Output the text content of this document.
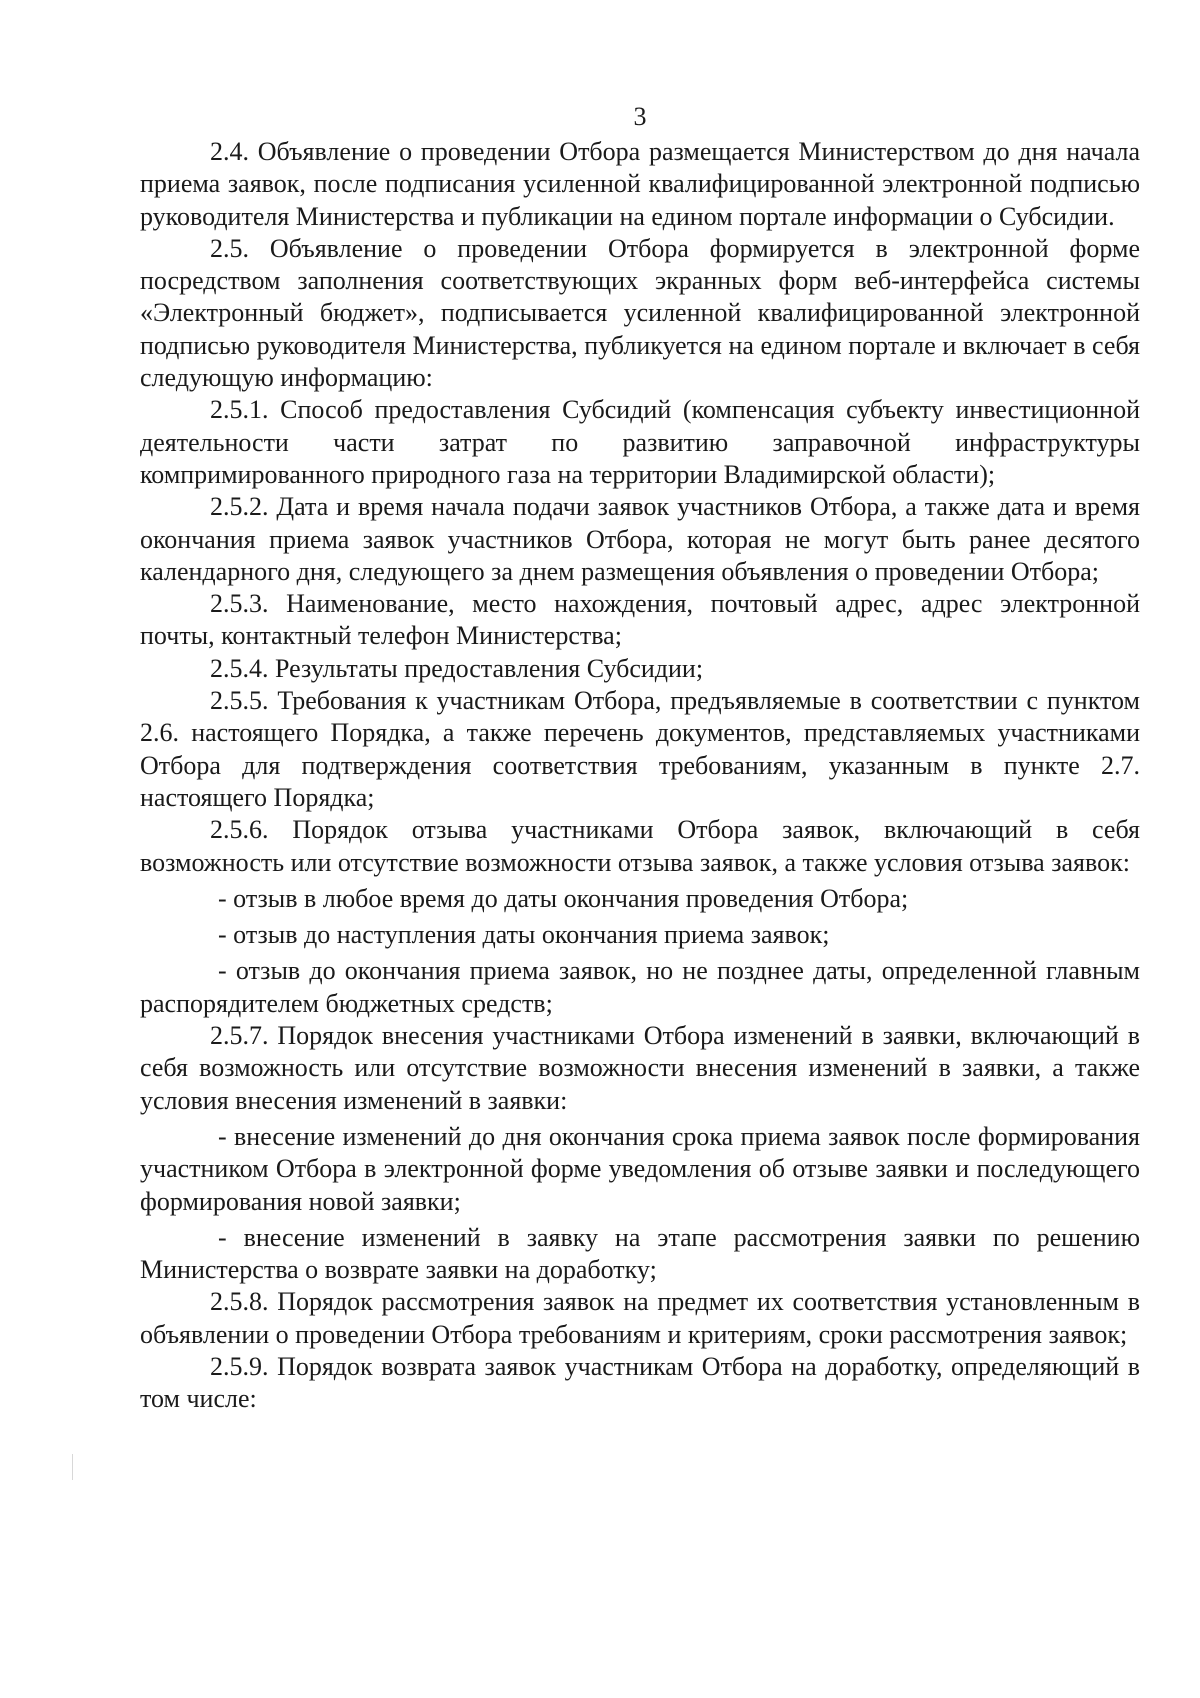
3

2.4. Объявление о проведении Отбора размещается Министерством до дня начала приема заявок, после подписания усиленной квалифицированной электронной подписью руководителя Министерства и публикации на едином портале информации о Субсидии.

2.5. Объявление о проведении Отбора формируется в электронной форме посредством заполнения соответствующих экранных форм веб-интерфейса системы «Электронный бюджет», подписывается усиленной квалифицированной электронной подписью руководителя Министерства, публикуется на едином портале и включает в себя следующую информацию:

2.5.1. Способ предоставления Субсидий (компенсация субъекту инвестиционной деятельности части затрат по развитию заправочной инфраструктуры компримированного природного газа на территории Владимирской области);

2.5.2. Дата и время начала подачи заявок участников Отбора, а также дата и время окончания приема заявок участников Отбора, которая не могут быть ранее десятого календарного дня, следующего за днем размещения объявления о проведении Отбора;

2.5.3. Наименование, место нахождения, почтовый адрес, адрес электронной почты, контактный телефон Министерства;

2.5.4. Результаты предоставления Субсидии;

2.5.5. Требования к участникам Отбора, предъявляемые в соответствии с пунктом 2.6. настоящего Порядка, а также перечень документов, представляемых участниками Отбора для подтверждения соответствия требованиям, указанным в пункте 2.7. настоящего Порядка;

2.5.6. Порядок отзыва участниками Отбора заявок, включающий в себя возможность или отсутствие возможности отзыва заявок, а также условия отзыва заявок:

- отзыв в любое время до даты окончания проведения Отбора;

- отзыв до наступления даты окончания приема заявок;

- отзыв до окончания приема заявок, но не позднее даты, определенной главным распорядителем бюджетных средств;

2.5.7. Порядок внесения участниками Отбора изменений в заявки, включающий в себя возможность или отсутствие возможности внесения изменений в заявки, а также условия внесения изменений в заявки:

- внесение изменений до дня окончания срока приема заявок после формирования участником Отбора в электронной форме уведомления об отзыве заявки и последующего формирования новой заявки;

- внесение изменений в заявку на этапе рассмотрения заявки по решению Министерства о возврате заявки на доработку;

2.5.8. Порядок рассмотрения заявок на предмет их соответствия установленным в объявлении о проведении Отбора требованиям и критериям, сроки рассмотрения заявок;

2.5.9. Порядок возврата заявок участникам Отбора на доработку, определяющий в том числе:
